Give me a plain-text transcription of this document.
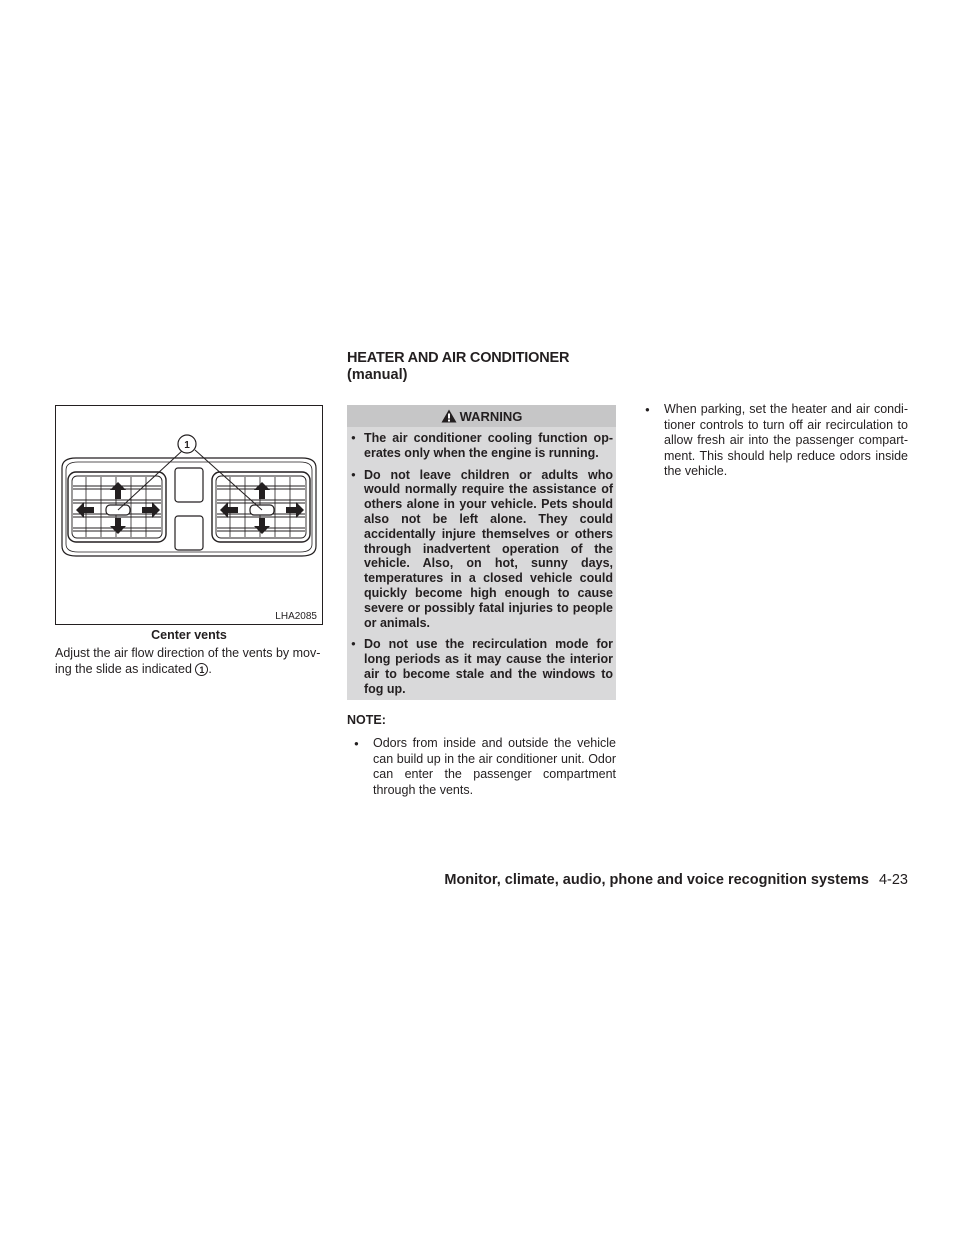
HEATER AND AIR CONDITIONER
(manual)
1
LHA2085
Center vents
Adjust the air flow direction of the vents by mov-ing the slide as indicated 1 .
WARNING
● The air conditioner cooling function op-erates only when the engine is running.
● Do not leave children or adults who would normally require the assistance of others alone in your vehicle. Pets should also not be left alone. They could accidentally injure themselves or others through inadvertent operation of the vehicle. Also, on hot, sunny days, temperatures in a closed vehicle could quickly become high enough to cause severe or possibly fatal injuries to people or animals.
● Do not use the recirculation mode for long periods as it may cause the interior air to become stale and the windows to fog up.
NOTE:
● Odors from inside and outside the vehicle can build up in the air conditioner unit. Odor can enter the passenger compartment through the vents.
● When parking, set the heater and air condi-tioner controls to turn off air recirculation to allow fresh air into the passenger compart-ment. This should help reduce odors inside the vehicle.
Monitor, climate, audio, phone and voice recognition systems 4-23
